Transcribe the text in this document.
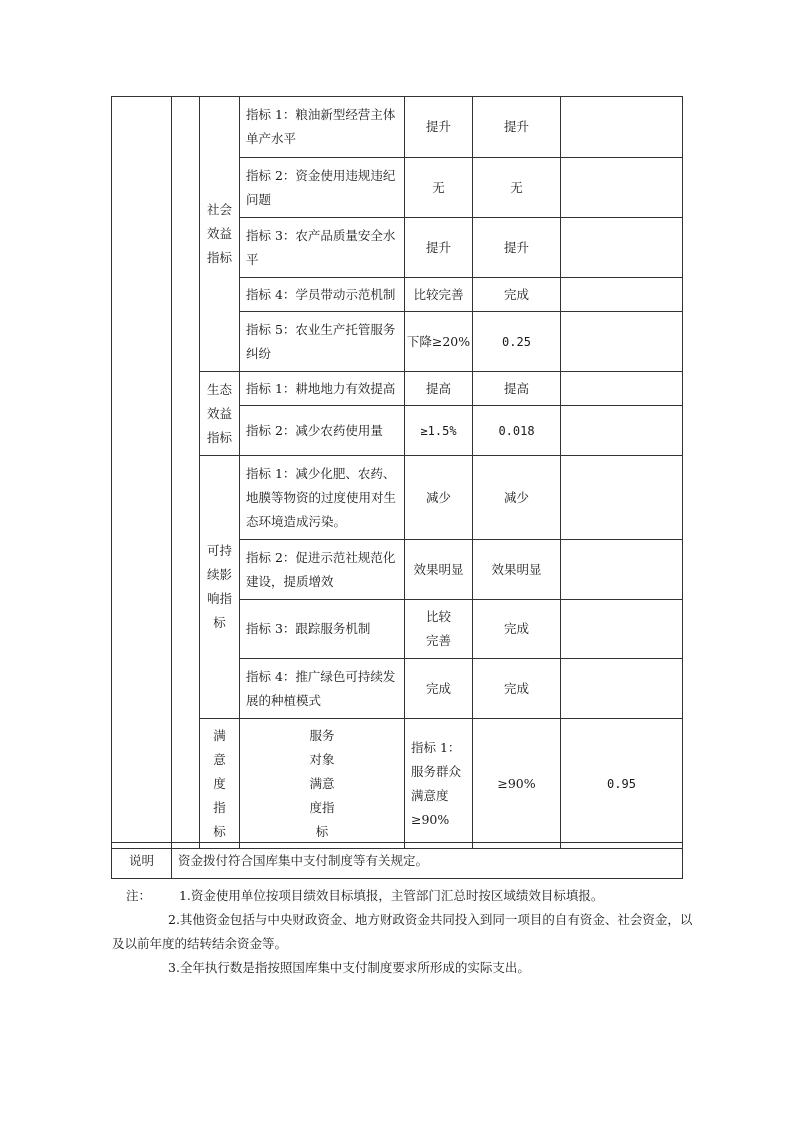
		社会
效益
指标	指标 1：粮油新型经营主体单产水平	提升	提升		
			指标 2：资金使用违规违纪问题	无	无		
			指标 3：农产品质量安全水平	提升	提升		
			指标 4：学员带动示范机制	比较完善	完成		
			指标 5：农业生产托管服务纠纷	下降≥20%	0.25		

		生态
效益
指标	指标 1：耕地地力有效提高	提高	提高		
			指标 2：减少农药使用量	≥1.5%	0.018		

		可持
续影
响指
标	指标 1：减少化肥、农药、地膜等物资的过度使用对生态环境造成污染。	减少	减少		
			指标 2：促进示范社规范化建设，提质增效	效果明显	效果明显		
			指标 3：跟踪服务机制	比较完善	完成		
			指标 4：推广绿色可持续发展的种植模式	完成	完成		

		满
意
度
指
标	服务
对象
满意
度指
标	指标 1：服务群众满意度≥90%	≥90%	0.95	
说明	资金拨付符合国库集中支付制度等有关规定。
注： 1.资金使用单位按项目绩效目标填报，主管部门汇总时按区域绩效目标填报。
2.其他资金包括与中央财政资金、地方财政资金共同投入到同一项目的自有资金、社会资金，以
及以前年度的结转结余资金等。
3.全年执行数是指按照国库集中支付制度要求所形成的实际支出。
